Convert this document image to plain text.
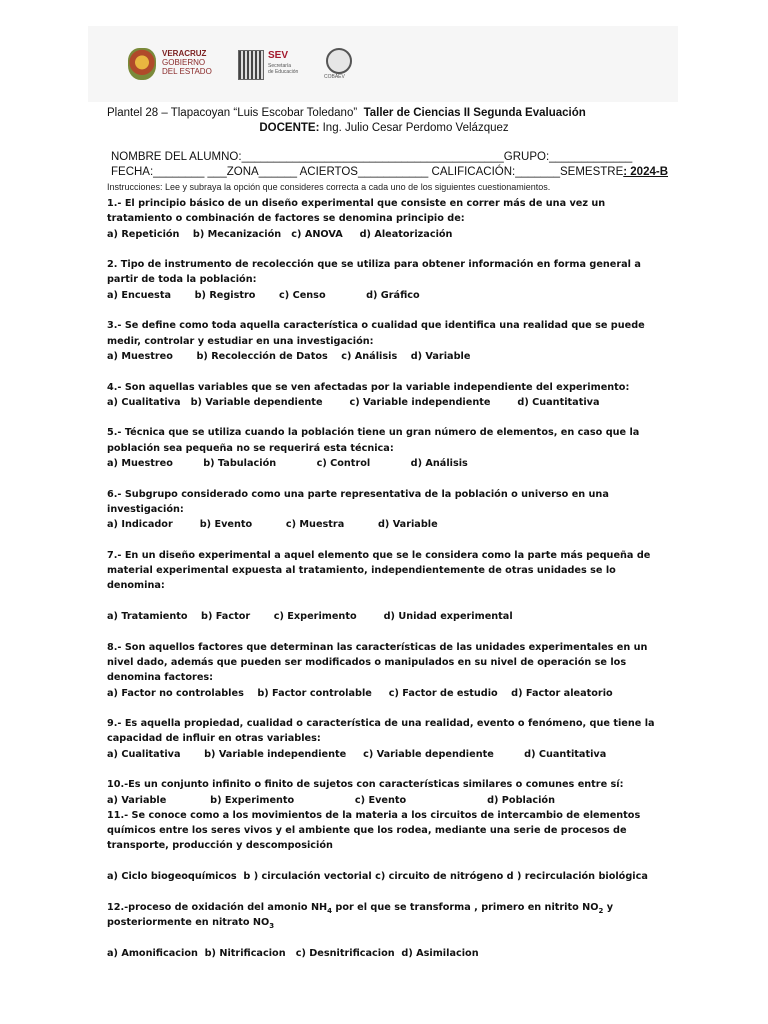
VERACRUZ
GOBIERNO
DEL ESTADO
SEV
Secretaría
de Educación
COBAEV
Plantel 28 – Tlapacoyan “Luis Escobar Toledano” Taller de Ciencias II Segunda Evaluación
DOCENTE: Ing. Julio Cesar Perdomo Velázquez
NOMBRE DEL ALUMNO:_________________________________________GRUPO:_____________
FECHA:________ ___ZONA______ ACIERTOS___________ CALIFICACIÓN:_______SEMESTRE: 2024-B
Instrucciones: Lee y subraya la opción que consideres correcta a cada uno de los siguientes cuestionamientos.

1.- El principio básico de un diseño experimental que consiste en correr más de una vez un tratamiento o combinación de factores se denomina principio de:

a) Repetición    b) Mecanización   c) ANOVA     d) Aleatorización

2. Tipo de instrumento de recolección que se utiliza para obtener información en forma general a partir de toda la población:

a) Encuesta       b) Registro       c) Censo            d) Gráfico

3.- Se define como toda aquella característica o cualidad que identifica una realidad que se puede medir, controlar y estudiar en una investigación:

a) Muestreo       b) Recolección de Datos    c) Análisis    d) Variable

4.- Son aquellas variables que se ven afectadas por la variable independiente del experimento:

a) Cualitativa   b) Variable dependiente        c) Variable independiente        d) Cuantitativa

5.- Técnica que se utiliza cuando la población tiene un gran número de elementos, en caso que la población sea pequeña no se requerirá esta técnica:

a) Muestreo         b) Tabulación            c) Control            d) Análisis

6.- Subgrupo considerado como una parte representativa de la población o universo en una investigación:

a) Indicador        b) Evento          c) Muestra          d) Variable

7.- En un diseño experimental a aquel elemento que se le considera como la parte más pequeña de material experimental expuesta al tratamiento, independientemente de otras unidades se lo denomina:

a) Tratamiento    b) Factor       c) Experimento        d) Unidad experimental

8.- Son aquellos factores que determinan las características de las unidades experimentales en un nivel dado, además que pueden ser modificados o manipulados en su nivel de operación se los denomina factores:

a) Factor no controlables    b) Factor controlable     c) Factor de estudio    d) Factor aleatorio

9.- Es aquella propiedad, cualidad o característica de una realidad, evento o fenómeno, que tiene la capacidad de influir en otras variables:

a) Cualitativa       b) Variable independiente     c) Variable dependiente         d) Cuantitativa

10.-Es un conjunto infinito o finito de sujetos con características similares o comunes entre sí:

a) Variable             b) Experimento                  c) Evento                        d) Población

11.- Se conoce como a los movimientos de la materia a los circuitos de intercambio de elementos químicos entre los seres vivos y el ambiente que los rodea, mediante una serie de procesos de transporte, producción y descomposición

a) Ciclo biogeoquímicos  b ) circulación vectorial c) circuito de nitrógeno d ) recirculación biológica

12.-proceso de oxidación del amonio $NH_4$ por el que se transforma , primero en nitrito $NO_2$ y posteriormente en nitrato $NO_3$

a) Amonificacion  b) Nitrificacion   c) Desnitrificacion  d) Asimilacion
